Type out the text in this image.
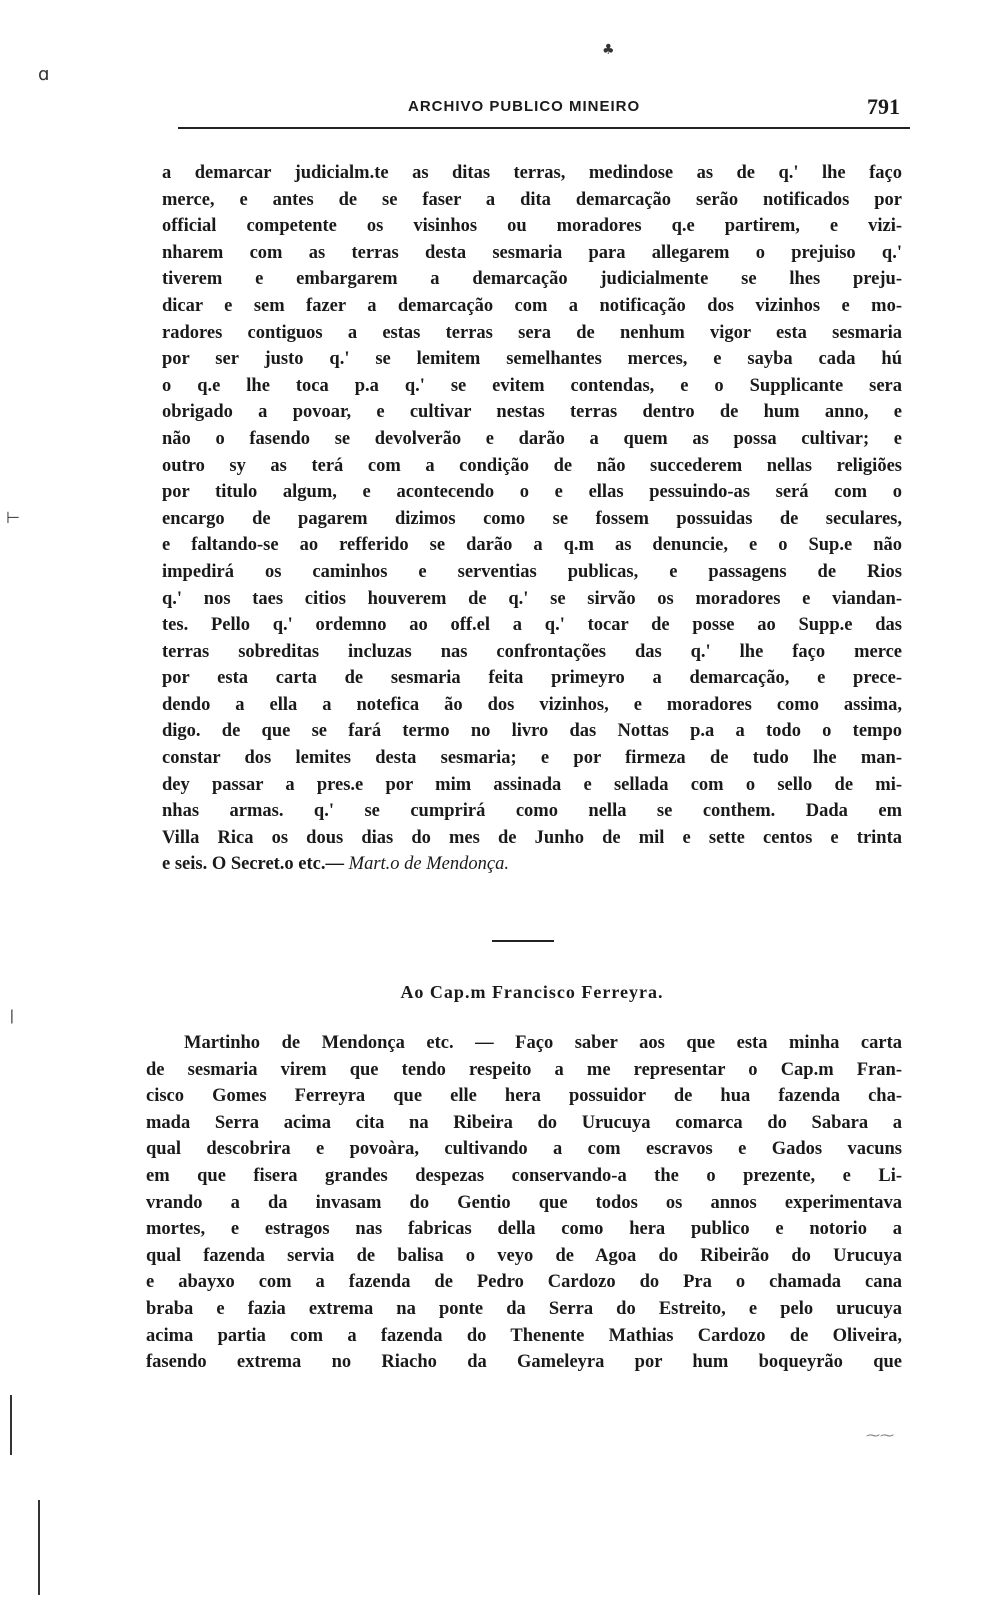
ɑ
♣
⊢
❘
⁓⁓
ARCHIVO PUBLICO MINEIRO	791
a demarcar judicialm.te as ditas terras, medindose as de q.' lhe faço
merce, e antes de se faser a dita demarcação serão notificados por
official competente os visinhos ou moradores q.e partirem, e vizi-
nharem com as terras desta sesmaria para allegarem o prejuiso q.'
tiverem e embargarem a demarcação judicialmente se lhes preju-
dicar e sem fazer a demarcação com a notificação dos vizinhos e mo-
radores contiguos a estas terras sera de nenhum vigor esta sesmaria
por ser justo q.' se lemitem semelhantes merces, e sayba cada hú
o q.e lhe toca p.a q.' se evitem contendas, e o Supplicante sera
obrigado a povoar, e cultivar nestas terras dentro de hum anno, e
não o fasendo se devolverão e darão a quem as possa cultivar; e
outro sy as terá com a condição de não succederem nellas religiões
por titulo algum, e acontecendo o e ellas pessuindo-as será com o
encargo de pagarem dizimos como se fossem possuidas de seculares,
e faltando-se ao refferido se darão a q.m as denuncie, e o Sup.e não
impedirá os caminhos e serventias publicas, e passagens de Rios
q.' nos taes citios houverem de q.' se sirvão os moradores e viandan-
tes. Pello q.' ordemno ao off.el a q.' tocar de posse ao Supp.e das
terras sobreditas incluzas nas confrontações das q.' lhe faço merce
por esta carta de sesmaria feita primeyro a demarcação, e prece-
dendo a ella a notefica ão dos vizinhos, e moradores como assima,
digo. de que se fará termo no livro das Nottas p.a a todo o tempo
constar dos lemites desta sesmaria; e por firmeza de tudo lhe man-
dey passar a pres.e por mim assinada e sellada com o sello de mi-
nhas armas. q.' se cumprirá como nella se conthem. Dada em
Villa Rica os dous dias do mes de Junho de mil e sette centos e trinta
e seis. O Secret.o etc.— Mart.o de Mendonça.
Ao Cap.m Francisco Ferreyra.
Martinho de Mendonça etc. — Faço saber aos que esta minha carta
de sesmaria virem que tendo respeito a me representar o Cap.m Fran-
cisco Gomes Ferreyra que elle hera possuidor de hua fazenda cha-
mada Serra acima cita na Ribeira do Urucuya comarca do Sabara a
qual descobrira e povoàra, cultivando a com escravos e Gados vacuns
em que fisera grandes despezas conservando-a the o prezente, e Li-
vrando a da invasam do Gentio que todos os annos experimentava
mortes, e estragos nas fabricas della como hera publico e notorio a
qual fazenda servia de balisa o veyo de Agoa do Ribeirão do Urucuya
e abayxo com a fazenda de Pedro Cardozo do Pra o chamada cana
braba e fazia extrema na ponte da Serra do Estreito, e pelo urucuya
acima partia com a fazenda do Thenente Mathias Cardozo de Oliveira,
fasendo extrema no Riacho da Gameleyra por hum boqueyrão que
